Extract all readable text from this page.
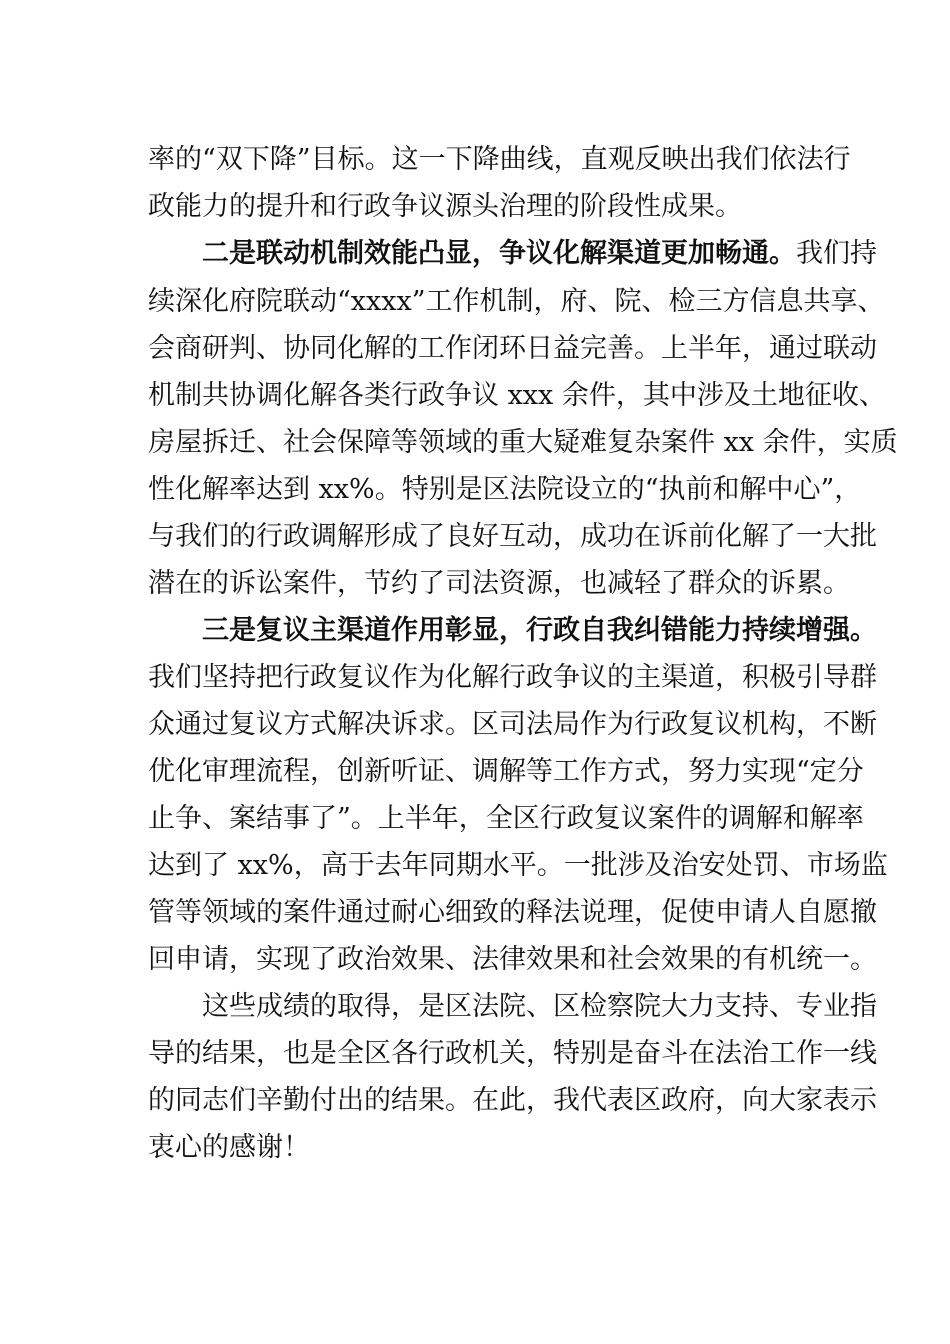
率的“双下降”目标。这一下降曲线，直观反映出我们依法行
政能力的提升和行政争议源头治理的阶段性成果。
二是联动机制效能凸显，争议化解渠道更加畅通。我们持
续深化府院联动“xxxx”工作机制，府、院、检三方信息共享、
会商研判、协同化解的工作闭环日益完善。上半年，通过联动
机制共协调化解各类行政争议 xxx 余件，其中涉及土地征收、
房屋拆迁、社会保障等领域的重大疑难复杂案件 xx 余件，实质
性化解率达到 xx%。特别是区法院设立的“执前和解中心”，
与我们的行政调解形成了良好互动，成功在诉前化解了一大批
潜在的诉讼案件，节约了司法资源，也减轻了群众的诉累。
三是复议主渠道作用彰显，行政自我纠错能力持续增强。
我们坚持把行政复议作为化解行政争议的主渠道，积极引导群
众通过复议方式解决诉求。区司法局作为行政复议机构，不断
优化审理流程，创新听证、调解等工作方式，努力实现“定分
止争、案结事了”。上半年，全区行政复议案件的调解和解率
达到了 xx%，高于去年同期水平。一批涉及治安处罚、市场监
管等领域的案件通过耐心细致的释法说理，促使申请人自愿撤
回申请，实现了政治效果、法律效果和社会效果的有机统一。
这些成绩的取得，是区法院、区检察院大力支持、专业指
导的结果，也是全区各行政机关，特别是奋斗在法治工作一线
的同志们辛勤付出的结果。在此，我代表区政府，向大家表示
衷心的感谢！
